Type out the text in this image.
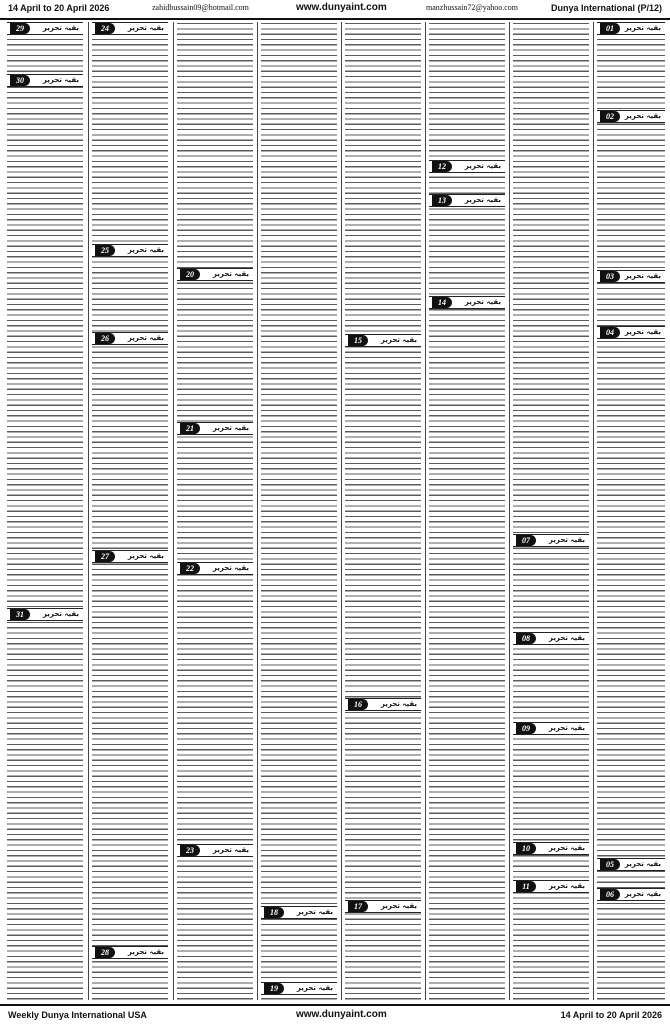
14 April to 20 April 2026	zahidbussain09@hotmail.com	www.dunyaint.com	manzhussain72@yahoo.com	Dunya International (P/12)
29	بقیہ تحریر
30	بقیہ تحریر
31	بقیہ تحریر
24	بقیہ تحریر
25	بقیہ تحریر
26	بقیہ تحریر
27	بقیہ تحریر
28	بقیہ تحریر
20	بقیہ تحریر
21	بقیہ تحریر
22	بقیہ تحریر
23	بقیہ تحریر
18	بقیہ تحریر
19	بقیہ تحریر
15	بقیہ تحریر
16	بقیہ تحریر
17	بقیہ تحریر
12	بقیہ تحریر
13	بقیہ تحریر
14	بقیہ تحریر
07	بقیہ تحریر
08	بقیہ تحریر
09	بقیہ تحریر
10	بقیہ تحریر
11	بقیہ تحریر
01	بقیہ تحریر
02	بقیہ تحریر
03	بقیہ تحریر
04	بقیہ تحریر
05	بقیہ تحریر
06	بقیہ تحریر
Weekly Dunya International USA	www.dunyaint.com	14 April to 20 April 2026
